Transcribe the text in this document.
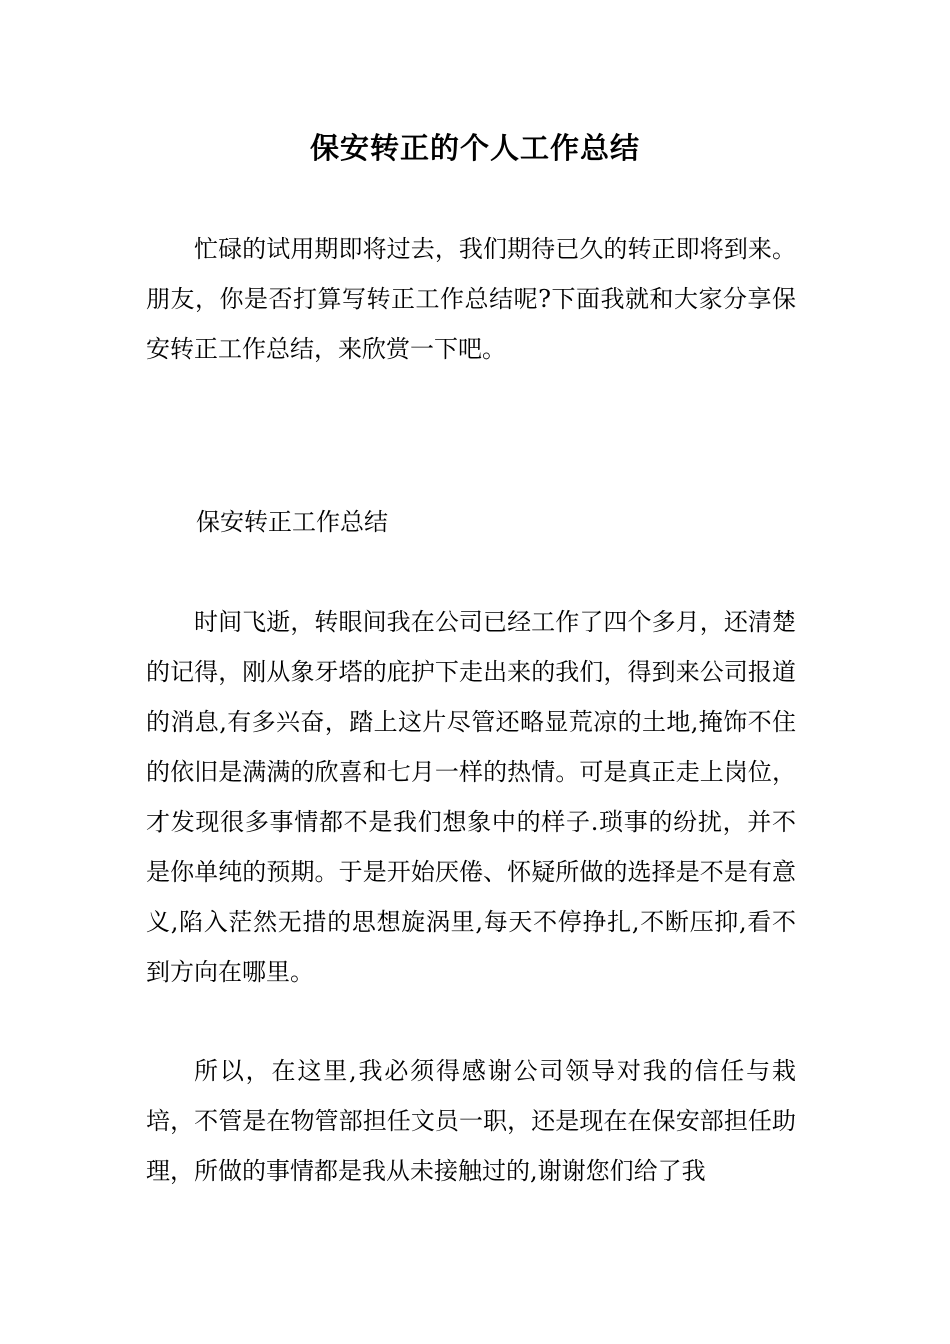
保安转正的个人工作总结

忙碌的试用期即将过去，我们期待已久的转正即将到来。朋友，你是否打算写转正工作总结呢?下面我就和大家分享保安转正工作总结，来欣赏一下吧。

保安转正工作总结

时间飞逝，转眼间我在公司已经工作了四个多月，还清楚的记得，刚从象牙塔的庇护下走出来的我们，得到来公司报道的消息,有多兴奋，踏上这片尽管还略显荒凉的土地,掩饰不住的依旧是满满的欣喜和七月一样的热情。可是真正走上岗位，才发现很多事情都不是我们想象中的样子.琐事的纷扰，并不是你单纯的预期。于是开始厌倦、怀疑所做的选择是不是有意义,陷入茫然无措的思想旋涡里,每天不停挣扎,不断压抑,看不到方向在哪里。

所以，在这里,我必须得感谢公司领导对我的信任与栽培，不管是在物管部担任文员一职，还是现在在保安部担任助理，所做的事情都是我从未接触过的,谢谢您们给了我
